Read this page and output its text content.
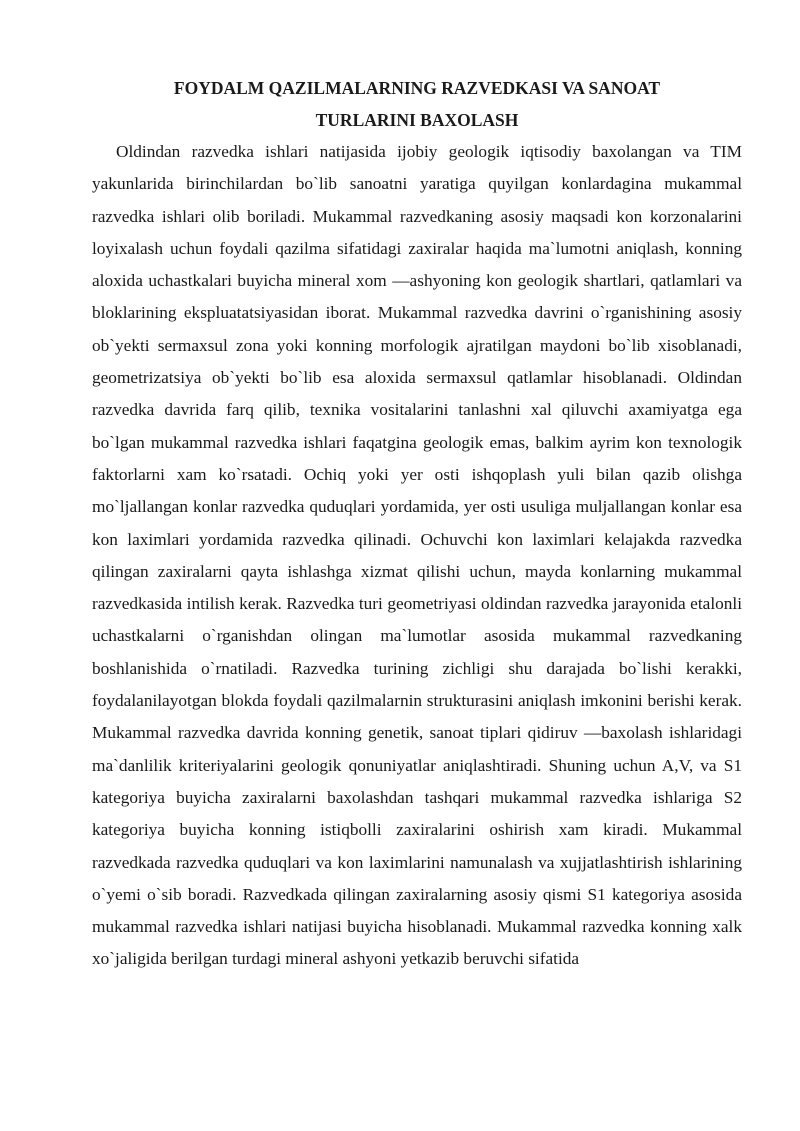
FOYDALM QAZILMALARNING RAZVEDKASI VA SANOAT
TURLARINI BAXOLASH

Oldindan razvedka ishlari natijasida ijobiy geologik iqtisodiy baxolangan va TIM yakunlarida birinchilardan bo`lib sanoatni yaratiga quyilgan konlardagina mukammal razvedka ishlari olib boriladi. Mukammal razvedkaning asosiy maqsadi kon korzonalarini loyixalash uchun foydali qazilma sifatidagi zaxiralar haqida ma`lumotni aniqlash, konning aloxida uchastkalari buyicha mineral xom —ashyoning kon geologik shartlari, qatlamlari va bloklarining ekspluatatsiyasidan iborat. Mukammal razvedka davrini o`rganishining asosiy ob`yekti sermaxsul zona yoki konning morfologik ajratilgan maydoni bo`lib xisoblanadi, geometrizatsiya ob`yekti bo`lib esa aloxida sermaxsul qatlamlar hisoblanadi. Oldindan razvedka davrida farq qilib, texnika vositalarini tanlashni xal qiluvchi axamiyatga ega bo`lgan mukammal razvedka ishlari faqatgina geologik emas, balkim ayrim kon texnologik faktorlarni xam ko`rsatadi. Ochiq yoki yer osti ishqoplash yuli bilan qazib olishga mo`ljallangan konlar razvedka quduqlari yordamida, yer osti usuliga muljallangan konlar esa kon laximlari yordamida razvedka qilinadi. Ochuvchi kon laximlari kelajakda razvedka qilingan zaxiralarni qayta ishlashga xizmat qilishi uchun, mayda konlarning mukammal razvedkasida intilish kerak. Razvedka turi geometriyasi oldindan razvedka jarayonida etalonli uchastkalarni o`rganishdan olingan ma`lumotlar asosida mukammal razvedkaning boshlanishida o`rnatiladi. Razvedka turining zichligi shu darajada bo`lishi kerakki, foydalanilayotgan blokda foydali qazilmalarnin strukturasini aniqlash imkonini berishi kerak. Mukammal razvedka davrida konning genetik, sanoat tiplari qidiruv —baxolash ishlaridagi ma`danlilik kriteriyalarini geologik qonuniyatlar aniqlashtiradi. Shuning uchun A,V, va S1 kategoriya buyicha zaxiralarni baxolashdan tashqari mukammal razvedka ishlariga S2 kategoriya buyicha konning istiqbolli zaxiralarini oshirish xam kiradi. Mukammal razvedkada razvedka quduqlari va kon laximlarini namunalash va xujjatlashtirish ishlarining o`yemi o`sib boradi. Razvedkada qilingan zaxiralarning asosiy qismi S1 kategoriya asosida mukammal razvedka ishlari natijasi buyicha hisoblanadi. Mukammal razvedka konning xalk xo`jaligida berilgan turdagi mineral ashyoni yetkazib beruvchi sifatida
